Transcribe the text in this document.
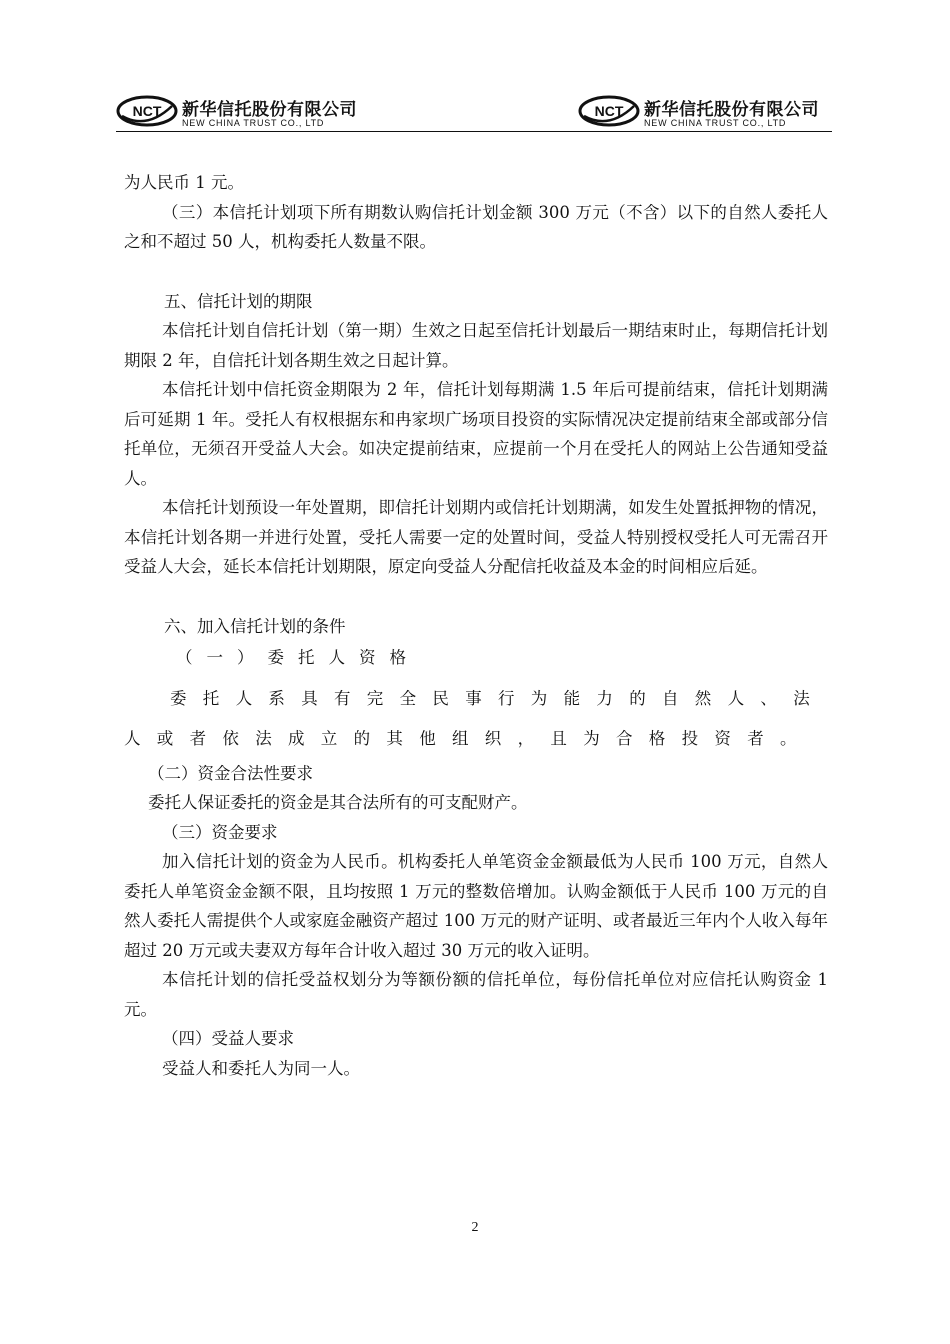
NCT 新华信托股份有限公司
NEW CHINA TRUST CO., LTD
NCT 新华信托股份有限公司
NEW CHINA TRUST CO., LTD

为人民币 1 元。

（三）本信托计划项下所有期数认购信托计划金额 300 万元（不含）以下的自然人委托人之和不超过 50 人，机构委托人数量不限。

五、信托计划的期限

本信托计划自信托计划（第一期）生效之日起至信托计划最后一期结束时止，每期信托计划期限 2 年，自信托计划各期生效之日起计算。

本信托计划中信托资金期限为 2 年，信托计划每期满 1.5 年后可提前结束，信托计划期满后可延期 1 年。受托人有权根据东和冉家坝广场项目投资的实际情况决定提前结束全部或部分信托单位，无须召开受益人大会。如决定提前结束，应提前一个月在受托人的网站上公告通知受益人。

本信托计划预设一年处置期，即信托计划期内或信托计划期满，如发生处置抵押物的情况，本信托计划各期一并进行处置，受托人需要一定的处置时间，受益人特别授权受托人可无需召开受益人大会，延长本信托计划期限，原定向受益人分配信托收益及本金的时间相应后延。

六、加入信托计划的条件

（一）委托人资格

委托人系具有完全民事行为能力的自然人、法

人或者依法成立的其他组织，且为合格投资者。

（二）资金合法性要求

委托人保证委托的资金是其合法所有的可支配财产。

（三）资金要求

加入信托计划的资金为人民币。机构委托人单笔资金金额最低为人民币 100 万元，自然人委托人单笔资金金额不限，且均按照 1 万元的整数倍增加。认购金额低于人民币 100 万元的自然人委托人需提供个人或家庭金融资产超过 100 万元的财产证明、或者最近三年内个人收入每年超过 20 万元或夫妻双方每年合计收入超过 30 万元的收入证明。

本信托计划的信托受益权划分为等额份额的信托单位，每份信托单位对应信托认购资金 1 元。

（四）受益人要求

受益人和委托人为同一人。

2
